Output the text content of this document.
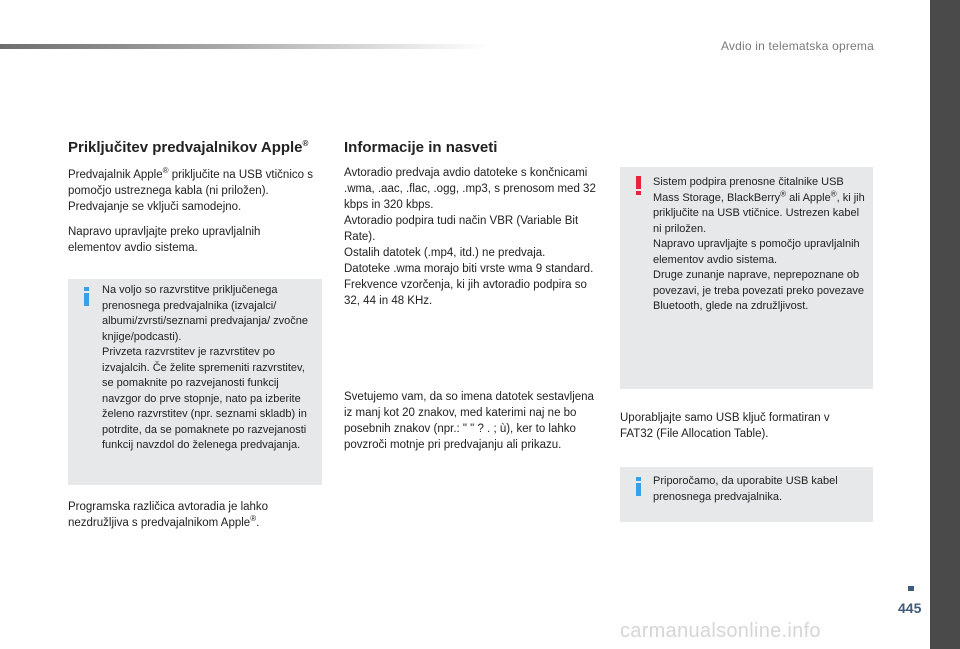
Avdio in telematska oprema
Priključitev predvajalnikov Apple®

Predvajalnik Apple® priključite na USB vtičnico s pomočjo ustreznega kabla (ni priložen). Predvajanje se vključi samodejno.

Napravo upravljajte preko upravljalnih elementov avdio sistema.

Na voljo so razvrstitve priključenega prenosnega predvajalnika (izvajalci/ albumi/zvrsti/seznami predvajanja/ zvočne knjige/podcasti).
Privzeta razvrstitev je razvrstitev po izvajalcih. Če želite spremeniti razvrstitev, se pomaknite po razvejanosti funkcij navzgor do prve stopnje, nato pa izberite želeno razvrstitev (npr. seznami skladb) in potrdite, da se pomaknete po razvejanosti funkcij navzdol do želenega predvajanja.

Programska različica avtoradia je lahko nezdružljiva s predvajalnikom Apple®.

Informacije in nasveti

Avtoradio predvaja avdio datoteke s končnicami .wma, .aac, .flac, .ogg, .mp3, s prenosom med 32 kbps in 320 kbps.
Avtoradio podpira tudi način VBR (Variable Bit Rate).
Ostalih datotek (.mp4, itd.) ne predvaja.
Datoteke .wma morajo biti vrste wma 9 standard.
Frekvence vzorčenja, ki jih avtoradio podpira so 32, 44 in 48 KHz.

Svetujemo vam, da so imena datotek sestavljena iz manj kot 20 znakov, med katerimi naj ne bo posebnih znakov (npr.: " " ? . ; ù), ker to lahko povzroči motnje pri predvajanju ali prikazu.

Sistem podpira prenosne čitalnike USB Mass Storage, BlackBerry® ali Apple®, ki jih priključite na USB vtičnice. Ustrezen kabel ni priložen.
Napravo upravljajte s pomočjo upravljalnih elementov avdio sistema.
Druge zunanje naprave, neprepoznane ob povezavi, je treba povezati preko povezave Bluetooth, glede na združljivost.

Uporabljajte samo USB ključ formatiran v FAT32 (File Allocation Table).

Priporočamo, da uporabite USB kabel prenosnega predvajalnika.

445
carmanualsonline.info
